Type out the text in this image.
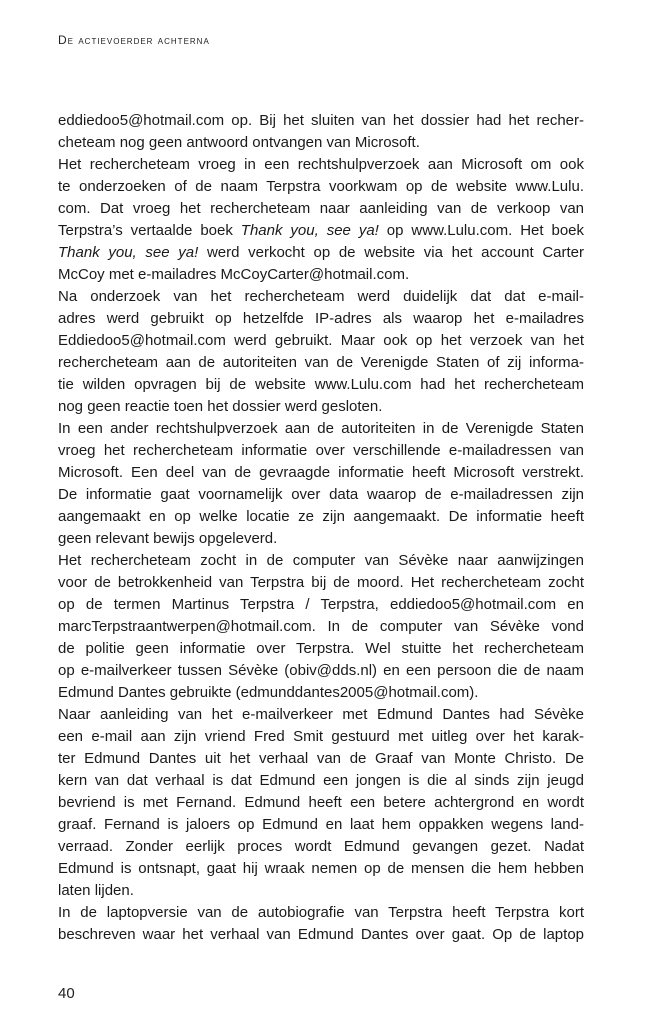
De actievoerder achterna
eddiedoo5@hotmail.com op. Bij het sluiten van het dossier had het recher-
cheteam nog geen antwoord ontvangen van Microsoft.
Het rechercheteam vroeg in een rechtshulpverzoek aan Microsoft om ook
te onderzoeken of de naam Terpstra voorkwam op de website www.Lulu.
com. Dat vroeg het rechercheteam naar aanleiding van de verkoop van
Terpstra’s vertaalde boek Thank you, see ya! op www.Lulu.com. Het boek
Thank you, see ya! werd verkocht op de website via het account Carter
McCoy met e-mailadres McCoyCarter@hotmail.com.
Na onderzoek van het rechercheteam werd duidelijk dat dat e-mail-
adres werd gebruikt op hetzelfde IP-adres als waarop het e-mailadres
Eddiedoo5@hotmail.com werd gebruikt. Maar ook op het verzoek van het
rechercheteam aan de autoriteiten van de Verenigde Staten of zij informa-
tie wilden opvragen bij de website www.Lulu.com had het rechercheteam
nog geen reactie toen het dossier werd gesloten.
In een ander rechtshulpverzoek aan de autoriteiten in de Verenigde Staten
vroeg het rechercheteam informatie over verschillende e-mailadressen van
Microsoft. Een deel van de gevraagde informatie heeft Microsoft verstrekt.
De informatie gaat voornamelijk over data waarop de e-mailadressen zijn
aangemaakt en op welke locatie ze zijn aangemaakt. De informatie heeft
geen relevant bewijs opgeleverd.
Het rechercheteam zocht in de computer van Sévèke naar aanwijzingen
voor de betrokkenheid van Terpstra bij de moord. Het rechercheteam zocht
op de termen Martinus Terpstra / Terpstra, eddiedoo5@hotmail.com en
marcTerpstraantwerpen@hotmail.com. In de computer van Sévèke vond
de politie geen informatie over Terpstra. Wel stuitte het rechercheteam
op e-mailverkeer tussen Sévèke (obiv@dds.nl) en een persoon die de naam
Edmund Dantes gebruikte (edmunddantes2005@hotmail.com).
Naar aanleiding van het e-mailverkeer met Edmund Dantes had Sévèke
een e-mail aan zijn vriend Fred Smit gestuurd met uitleg over het karak-
ter Edmund Dantes uit het verhaal van de Graaf van Monte Christo. De
kern van dat verhaal is dat Edmund een jongen is die al sinds zijn jeugd
bevriend is met Fernand. Edmund heeft een betere achtergrond en wordt
graaf. Fernand is jaloers op Edmund en laat hem oppakken wegens land-
verraad. Zonder eerlijk proces wordt Edmund gevangen gezet. Nadat
Edmund is ontsnapt, gaat hij wraak nemen op de mensen die hem hebben
laten lijden.
In de laptopversie van de autobiografie van Terpstra heeft Terpstra kort
beschreven waar het verhaal van Edmund Dantes over gaat. Op de laptop
40
